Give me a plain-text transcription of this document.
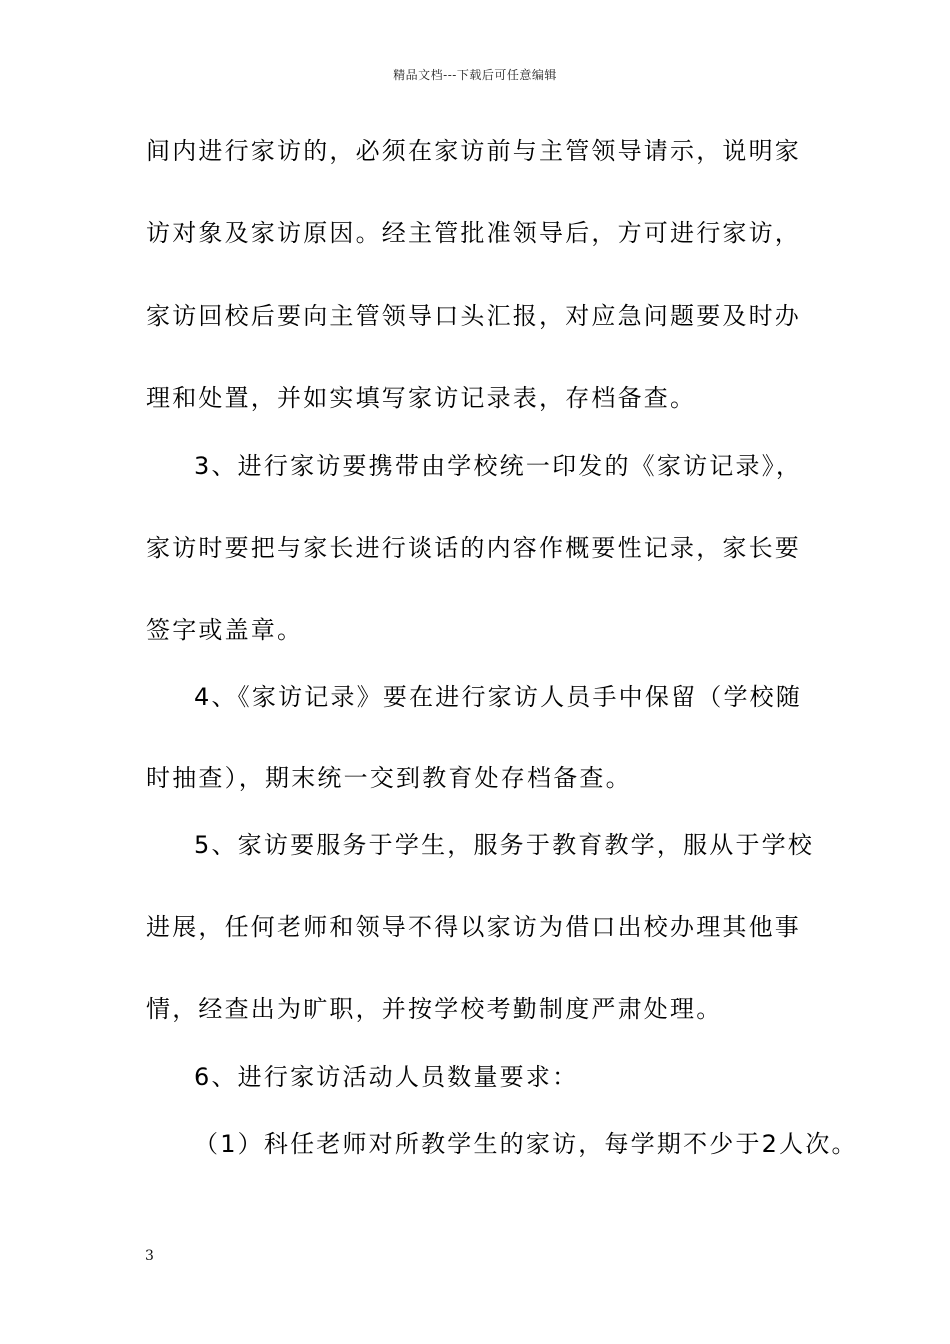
精品文档---下载后可任意编辑
间内进行家访的，必须在家访前与主管领导请示，说明家
访对象及家访原因。经主管批准领导后，方可进行家访，
家访回校后要向主管领导口头汇报，对应急问题要及时办
理和处置，并如实填写家访记录表，存档备查。
3、进行家访要携带由学校统一印发的《家访记录》，
家访时要把与家长进行谈话的内容作概要性记录，家长要
签字或盖章。
4、《家访记录》要在进行家访人员手中保留（学校随
时抽查），期末统一交到教育处存档备查。
5、家访要服务于学生，服务于教育教学，服从于学校
进展，任何老师和领导不得以家访为借口出校办理其他事
情，经查出为旷职，并按学校考勤制度严肃处理。
6、进行家访活动人员数量要求：
（1）科任老师对所教学生的家访，每学期不少于2人次。
3
